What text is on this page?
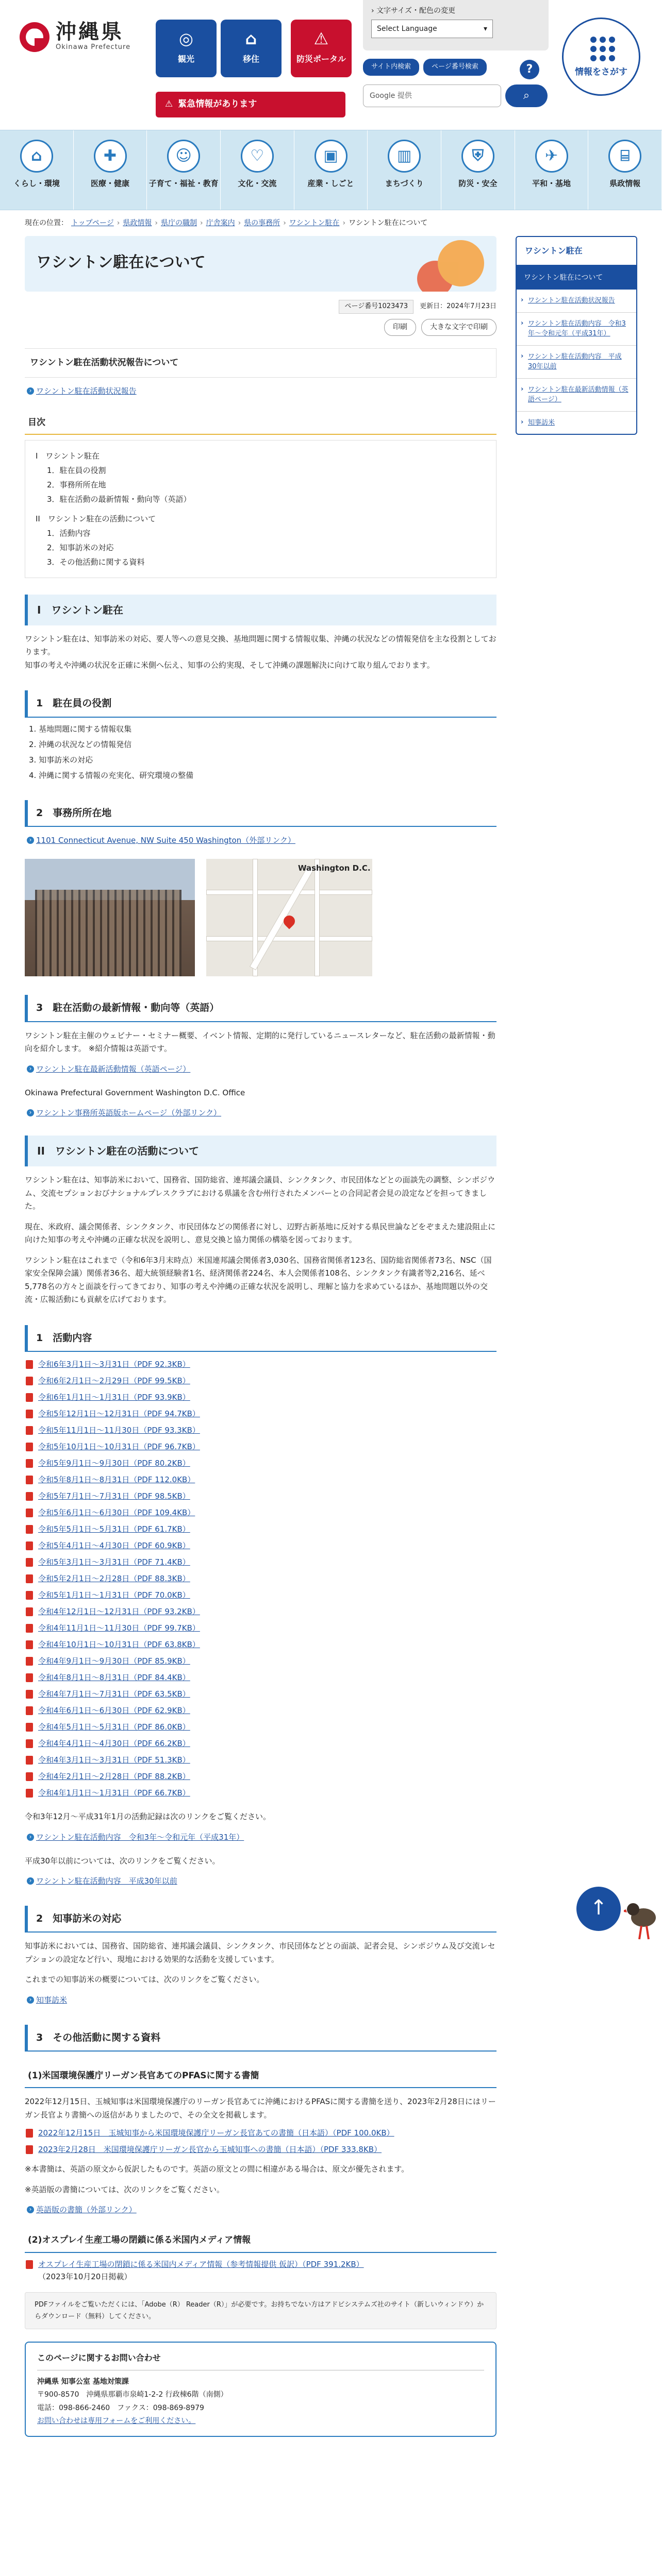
沖縄県
Okinawa Prefecture	◎
観光
⌂
移住
⚠
防災ポータル
⚠ 緊急情報があります
› 文字サイズ・配色の変更
Select Language	▾
サイト内検索	ページ番号検索	?
Google 提供	⌕
情報をさがす
⌂
くらし・環境
✚
医療・健康
☺
子育て・福祉・教育
♡
文化・交流
▣
産業・しごと
▥
まちづくり
⛨
防災・安全
✈
平和・基地
⌸
県政情報
現在の位置： トップページ › 県政情報 › 県庁の職制 › 庁舎案内 › 県の事務所 › ワシントン駐在 › ワシントン駐在について
ワシントン駐在について
ページ番号1023473	更新日：2024年7月23日
印刷	大きな文字で印刷
ワシントン駐在活動状況報告について
› ワシントン駐在活動状況報告
目次
I　ワシントン駐在
1．駐在員の役割
2．事務所所在地
3．駐在活動の最新情報・動向等（英語）
II　ワシントン駐在の活動について
1．活動内容
2．知事訪米の対応
3．その他活動に関する資料
I　ワシントン駐在

ワシントン駐在は、知事訪米の対応、要人等への意見交換、基地問題に関する情報収集、沖縄の状況などの情報発信を主な役割としております。
知事の考えや沖縄の状況を正確に米側へ伝え、知事の公約実現、そして沖縄の課題解決に向けて取り組んでおります。

1　駐在員の役割
1. 基地問題に関する情報収集
2. 沖縄の状況などの情報発信
3. 知事訪米の対応
4. 沖縄に関する情報の充実化、研究環境の整備
2　事務所所在地
› 1101 Connecticut Avenue, NW Suite 450 Washington（外部リンク）
Washington D.C.
3　駐在活動の最新情報・動向等（英語）

ワシントン駐在主催のウェビナー・セミナー概要、イベント情報、定期的に発行しているニュースレターなど、駐在活動の最新情報・動向を紹介します。 ※紹介情報は英語です。

› ワシントン駐在最新活動情報（英語ページ）

Okinawa Prefectural Government Washington D.C. Office

› ワシントン事務所英語版ホームページ（外部リンク）
II　ワシントン駐在の活動について

ワシントン駐在は、知事訪米において、国務省、国防総省、連邦議会議員、シンクタンク、市民団体などとの面談先の調整、シンポジウム、交流セプションおびナショナルプレスクラブにおける県議を含む州行されたメンバーとの合同記者会見の設定などを担ってきました。

現在、米政府、議会関係者、シンクタンク、市民団体などの関係者に対し、辺野古新基地に反対する県民世論などをぞまえた建設阻止に向けた知事の考えや沖縄の正確な状況を説明し、意見交換と協力関係の構築を図っております。

ワシントン駐在はこれまで（令和6年3月末時点）米国連邦議会関係者3,030名、国務省関係者123名、国防総省関係者73名、NSC（国家安全保障会議）関係者36名、超大統領経験者1名、経済関係者224名、本人会関係者108名、シンクタンク有識者等2,216名、延べ5,778名の方々と面談を行ってきており、知事の考えや沖縄の正確な状況を説明し、理解と協力を求めているほか、基地問題以外の交流・広報活動にも貢献を広げております。

1　活動内容
令和6年3月1日～3月31日（PDF 92.3KB）
令和6年2月1日～2月29日（PDF 99.5KB）
令和6年1月1日～1月31日（PDF 93.9KB）
令和5年12月1日～12月31日（PDF 94.7KB）
令和5年11月1日～11月30日（PDF 93.3KB）
令和5年10月1日～10月31日（PDF 96.7KB）
令和5年9月1日～9月30日（PDF 80.2KB）
令和5年8月1日～8月31日（PDF 112.0KB）
令和5年7月1日～7月31日（PDF 98.5KB）
令和5年6月1日～6月30日（PDF 109.4KB）
令和5年5月1日～5月31日（PDF 61.7KB）
令和5年4月1日～4月30日（PDF 60.9KB）
令和5年3月1日～3月31日（PDF 71.4KB）
令和5年2月1日～2月28日（PDF 88.3KB）
令和5年1月1日～1月31日（PDF 70.0KB）
令和4年12月1日～12月31日（PDF 93.2KB）
令和4年11月1日～11月30日（PDF 99.7KB）
令和4年10月1日～10月31日（PDF 63.8KB）
令和4年9月1日～9月30日（PDF 85.9KB）
令和4年8月1日～8月31日（PDF 84.4KB）
令和4年7月1日～7月31日（PDF 63.5KB）
令和4年6月1日～6月30日（PDF 62.9KB）
令和4年5月1日～5月31日（PDF 86.0KB）
令和4年4月1日～4月30日（PDF 66.2KB）
令和4年3月1日～3月31日（PDF 51.3KB）
令和4年2月1日～2月28日（PDF 88.2KB）
令和4年1月1日～1月31日（PDF 66.7KB）

令和3年12月～平成31年1月の活動記録は次のリンクをご覧ください。

› ワシントン駐在活動内容　令和3年～令和元年（平成31年）

平成30年以前については、次のリンクをご覧ください。

› ワシントン駐在活動内容　平成30年以前
2　知事訪米の対応

知事訪米においては、国務省、国防総省、連邦議会議員、シンクタンク、市民団体などとの面談、記者会見、シンポジウム及び交流レセプションの設定など行い、現地における効果的な活動を支援しています。

これまでの知事訪米の概要については、次のリンクをご覧ください。

› 知事訪米
3　その他活動に関する資料
(1)米国環境保護庁リーガン長官あてのPFASに関する書簡

2022年12月15日、玉城知事は米国環境保護庁のリーガン長官あてに沖縄におけるPFASに関する書簡を送り、2023年2月28日にはリーガン長官より書簡への返信がありましたので、その全文を掲載します。

2022年12月15日　玉城知事から米国環境保護庁リーガン長官あての書簡（日本語）（PDF 100.0KB）
2023年2月28日　米国環境保護庁リーガン長官から玉城知事への書簡（日本語）（PDF 333.8KB）

※本書簡は、英語の原文から仮訳したものです。英語の原文との間に相違がある場合は、原文が優先されます。

※英語版の書簡については、次のリンクをご覧ください。

› 英語版の書簡（外部リンク）
(2)オスプレイ生産工場の閉鎖に係る米国内メディア情報
オスプレイ生産工場の閉鎖に係る米国内メディア情報（参考情報提供 仮訳）（PDF 391.2KB）
（2023年10月20日掲載）
PDFファイルをご覧いただくには、「Adobe（R） Reader（R）」が必要です。お持ちでない方はアドビシステムズ社のサイト（新しいウィンドウ）からダウンロード（無料）してください。
このページに関するお問い合わせ
沖縄県 知事公室 基地対策課
〒900-8570　沖縄県那覇市泉崎1-2-2 行政棟6階（南側）
電話：098-866-2460　ファクス：098-869-8979
お問い合わせは専用フォームをご利用ください。
ワシントン駐在
ワシントン駐在について
› ワシントン駐在活動状況報告
› ワシントン駐在活動内容　令和3年～令和元年（平成31年）
› ワシントン駐在活動内容　平成30年以前
› ワシントン駐在最新活動情報（英語ページ）
› 知事訪米
↑
